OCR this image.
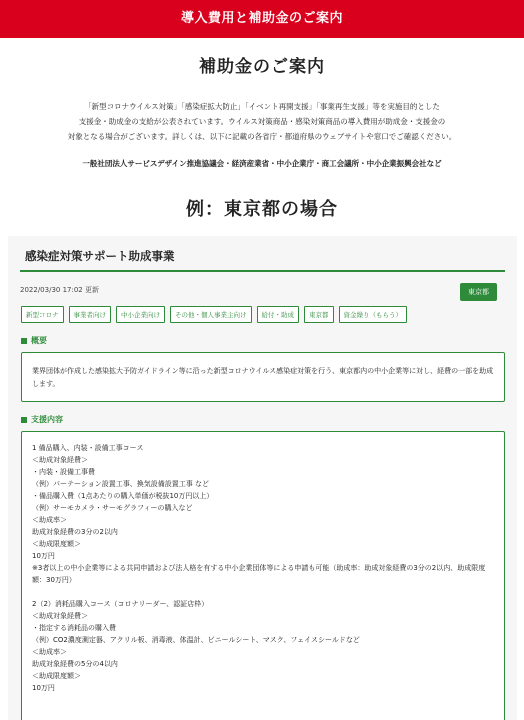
導入費用と補助金のご案内
補助金のご案内
「新型コロナウイルス対策」「感染症拡大防止」「イベント再開支援」「事業再生支援」等を実施目的とした
支援金・助成金の支給が公表されています。ウイルス対策商品・感染対策商品の導入費用が助成金・支援金の
対象となる場合がございます。詳しくは、以下に記載の各省庁・都道府県のウェブサイトや窓口でご確認ください。
一般社団法人サービスデザイン推進協議会・経済産業省・中小企業庁・商工会議所・中小企業振興会社など
例：東京都の場合
感染症対策サポート助成事業
2022/03/30 17:02 更新	東京都
新型コロナ	事業者向け	中小企業向け	その他・個人事業主向け	給付・助成	東京都	資金繰り（もらう）
概要

業界団体が作成した感染拡大予防ガイドライン等に沿った新型コロナウイルス感染症対策を行う、東京都内の中小企業等に対し、経費の一部を助成します。

支援内容

1 備品購入、内装・設備工事コース

＜助成対象経費＞

・内装・設備工事費

（例）パーテーション設置工事、換気設備設置工事 など

・備品購入費（1点あたりの購入単価が税抜10万円以上）

（例）サーモカメラ・サーモグラフィーの購入など

＜助成率＞

助成対象経費の3分の2以内

＜助成限度額＞

10万円

※3者以上の中小企業等による共同申請および法人格を有する中小企業団体等による申請も可能（助成率：助成対象経費の3分の2以内、助成限度額：30万円）

2（2）消耗品購入コース（コロナリーダー、認証店枠）

＜助成対象経費＞

・指定する消耗品の購入費

（例）CO2濃度測定器、アクリル板、消毒液、体温計、ビニールシート、マスク、フェイスシールドなど

＜助成率＞

助成対象経費の5分の4以内

＜助成限度額＞

10万円
